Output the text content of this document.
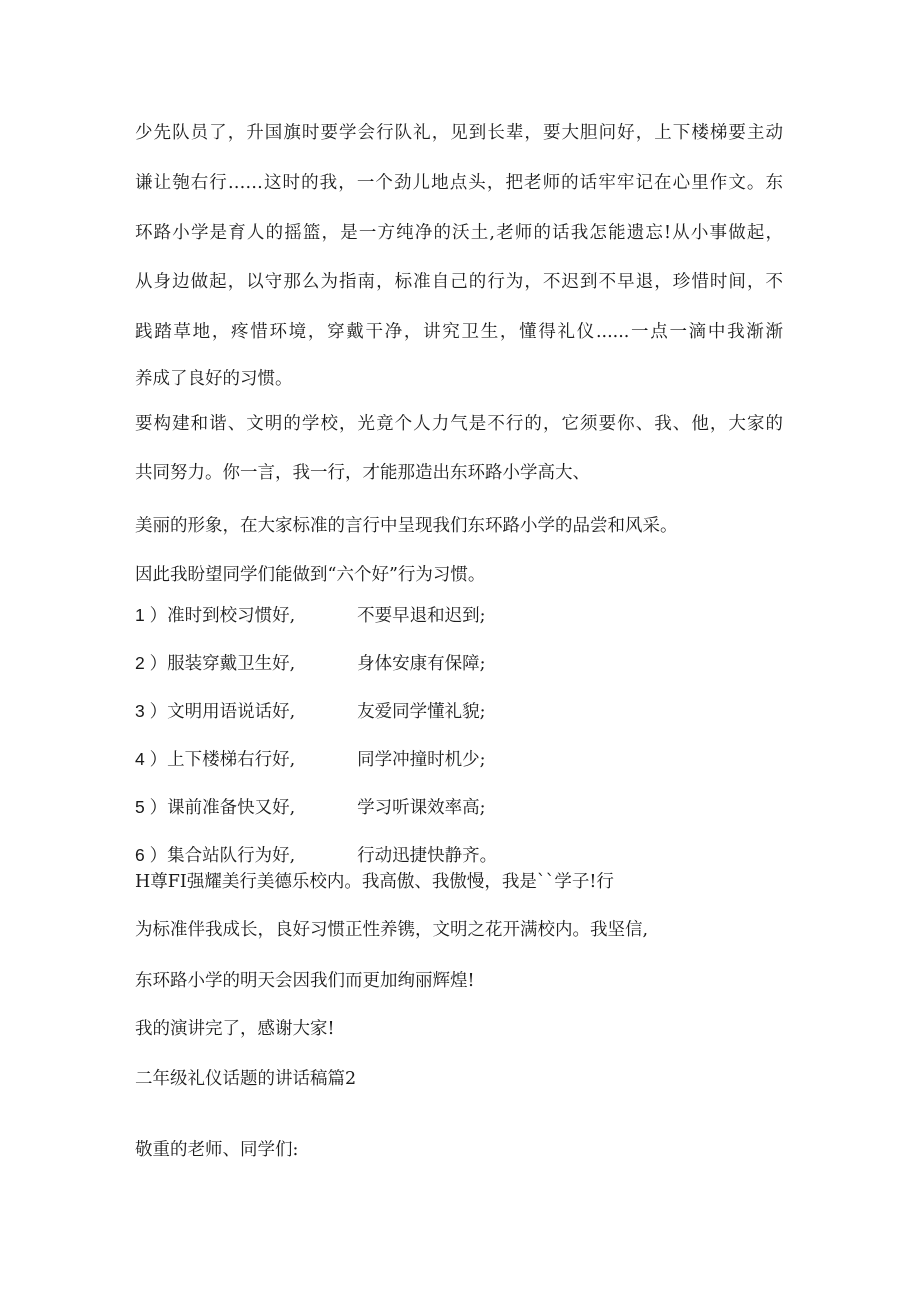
少先队员了，升国旗时要学会行队礼，见到长辈，要大胆问好，上下楼梯要主动

谦让匏右行……这时的我，一个劲儿地点头，把老师的话牢牢记在心里作文。东

环路小学是育人的摇篮，是一方纯净的沃土,老师的话我怎能遗忘!从小事做起，

从身边做起，以守那么为指南，标准自己的行为，不迟到不早退，珍惜时间，不

践踏草地，疼惜环境，穿戴干净，讲究卫生，懂得礼仪......一点一滴中我渐渐

养成了良好的习惯。

要构建和谐、文明的学校，光竟个人力气是不行的，它须要你、我、他，大家的

共同努力。你一言，我一行，才能那造出东环路小学高大、

美丽的形象，在大家标准的言行中呈现我们东环路小学的品尝和风采。

因此我盼望同学们能做到“六个好”行为习惯。

1 ）准时到校习惯好,	不要早退和迟到;

2 ）服装穿戴卫生好,	身体安康有保障;

3 ）文明用语说话好,	友爱同学懂礼貌;

4 ）上下楼梯右行好,	同学冲撞时机少;

5 ）课前准备快又好,	学习听课效率高;

6 ）集合站队行为好,	行动迅捷快静齐。

H尊FI强耀美行美德乐校内。我高傲、我傲慢，我是``学子!行

为标准伴我成长，良好习惯正性养镌，文明之花开满校内。我坚信,

东环路小学的明天会因我们而更加绚丽辉煌!

我的演讲完了，感谢大家!

二年级礼仪话题的讲话稿篇2

敬重的老师、同学们:
